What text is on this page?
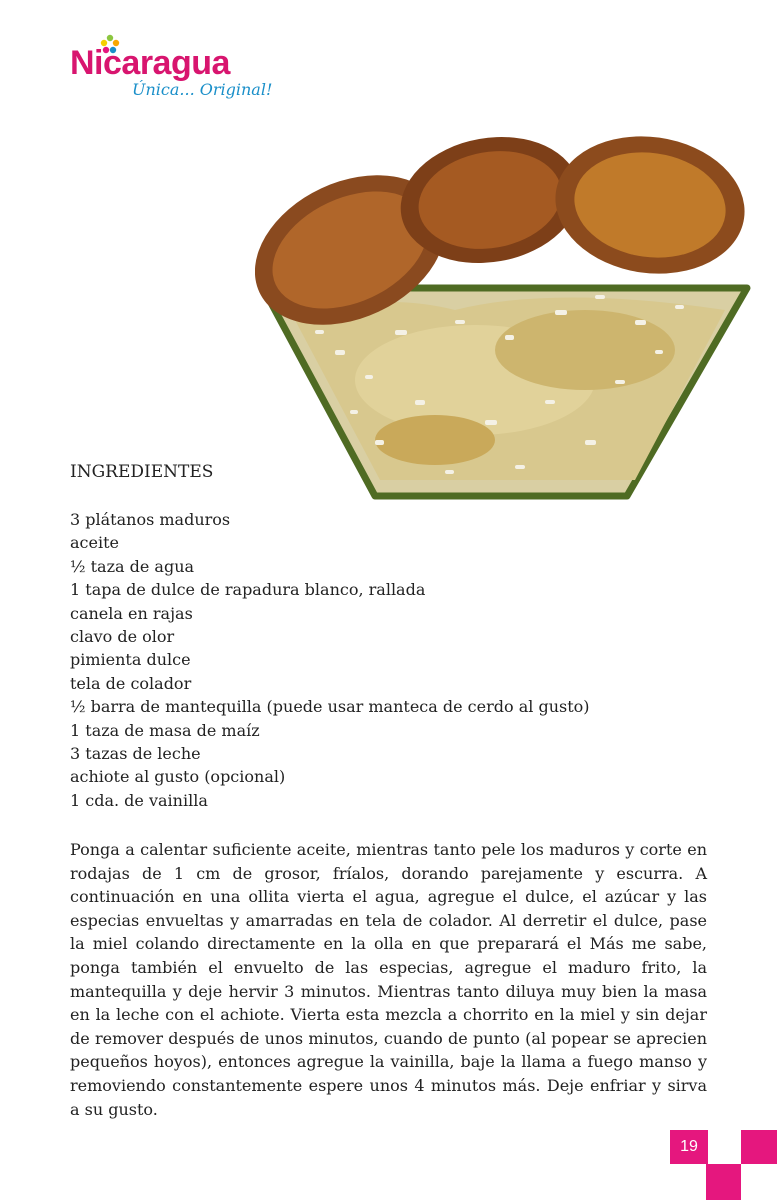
Nicaragua
Única... Original!
INGREDIENTES
3 plátanos maduros
aceite
½ taza de agua
1 tapa de dulce de rapadura blanco, rallada
canela en rajas
clavo de olor
pimienta dulce
tela de colador
½ barra de mantequilla (puede usar manteca de cerdo al gusto)
1 taza de masa de maíz
3 tazas de leche
achiote al gusto (opcional)
1 cda. de vainilla

Ponga a calentar suficiente aceite, mientras tanto pele los maduros y corte en rodajas de 1 cm de grosor, fríalos, dorando parejamente y escurra. A continuación en una ollita vierta el agua, agregue el dulce, el azúcar y las especias envueltas y amarradas en tela de colador. Al derretir el dulce, pase la miel colando directamente en la olla en que preparará el Más me sabe, ponga también el envuelto de las especias, agregue el maduro frito, la mantequilla y deje hervir 3 minutos. Mientras tanto diluya muy bien la masa en la leche con el achiote. Vierta esta mezcla a chorrito en la miel y sin dejar de remover después de unos minutos, cuando de punto (al popear se aprecien pequeños hoyos), entonces agregue la vainilla, baje la llama a fuego manso y removiendo constantemente espere unos 4 minutos más. Deje enfriar y sirva a su gusto.

19
